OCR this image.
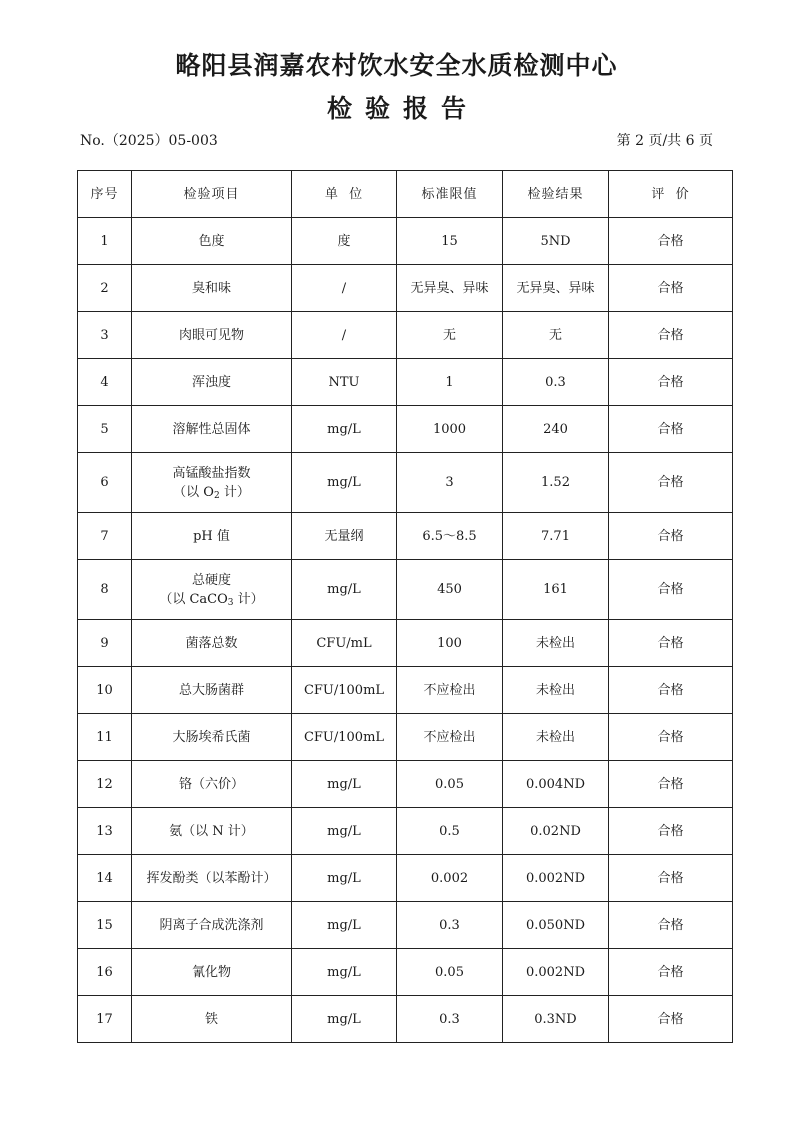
略阳县润嘉农村饮水安全水质检测中心
检验报告
No.（2025）05-003	第 2 页/共 6 页
序号	检验项目	单  位	标准限值	检验结果	评  价
1	色度	度	15	5ND	合格
2	臭和味	/	无异臭、异味	无异臭、异味	合格
3	肉眼可见物	/	无	无	合格
4	浑浊度	NTU	1	0.3	合格
5	溶解性总固体	mg/L	1000	240	合格
6	高锰酸盐指数
（以 $O_2$ 计）	mg/L	3	1.52	合格
7	pH 值	无量纲	6.5～8.5	7.71	合格
8	总硬度
（以 CaCO$_3$ 计）	mg/L	450	161	合格
9	菌落总数	CFU/mL	100	未检出	合格
10	总大肠菌群	CFU/100mL	不应检出	未检出	合格
11	大肠埃希氏菌	CFU/100mL	不应检出	未检出	合格
12	铬（六价）	mg/L	0.05	0.004ND	合格
13	氨（以 N 计）	mg/L	0.5	0.02ND	合格
14	挥发酚类（以苯酚计）	mg/L	0.002	0.002ND	合格
15	阴离子合成洗涤剂	mg/L	0.3	0.050ND	合格
16	氰化物	mg/L	0.05	0.002ND	合格
17	铁	mg/L	0.3	0.3ND	合格
